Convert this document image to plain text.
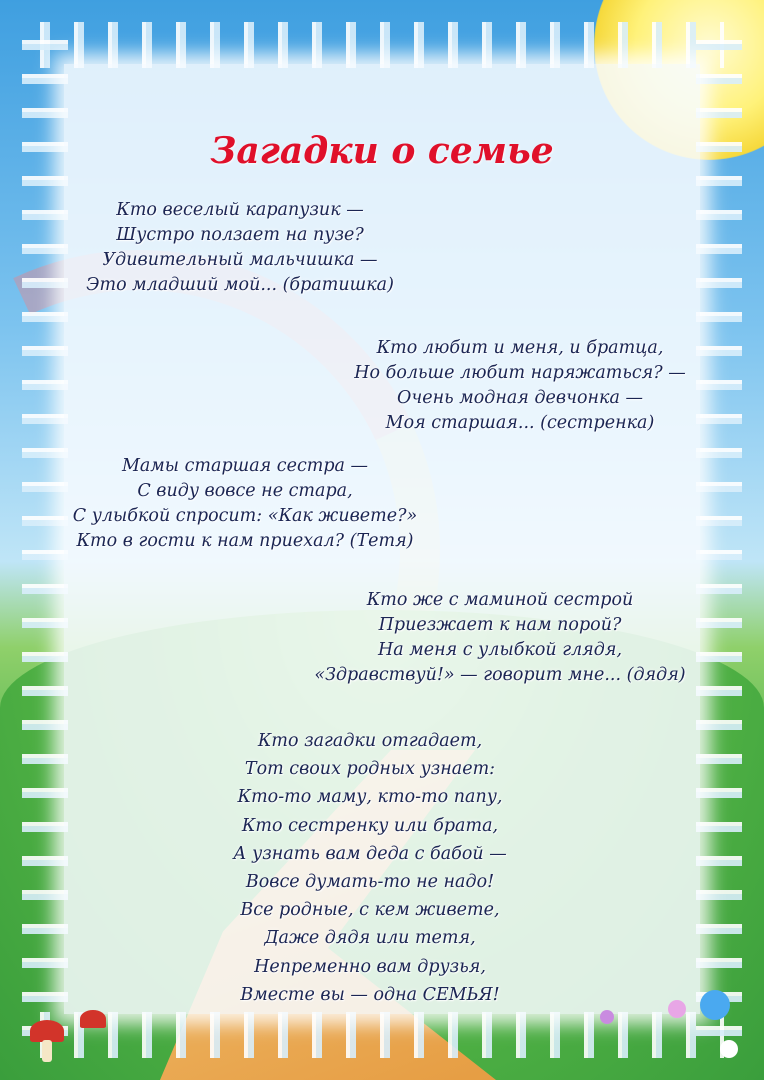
Загадки о семье
Кто веселый карапузик —
Шустро ползает на пузе?
Удивительный мальчишка —
Это младший мой... (братишка)
Кто любит и меня, и братца,
Но больше любит наряжаться? —
Очень модная девчонка —
Моя старшая... (сестренка)
Мамы старшая сестра —
С виду вовсе не стара,
С улыбкой спросит: «Как живете?»
Кто в гости к нам приехал? (Тетя)
Кто же с маминой сестрой
Приезжает к нам порой?
На меня с улыбкой глядя,
«Здравствуй!» — говорит мне... (дядя)
Кто загадки отгадает,
Тот своих родных узнает:
Кто-то маму, кто-то папу,
Кто сестренку или брата,
А узнать вам деда с бабой —
Вовсе думать-то не надо!
Все родные, с кем живете,
Даже дядя или тетя,
Непременно вам друзья,
Вместе вы — одна СЕМЬЯ!
